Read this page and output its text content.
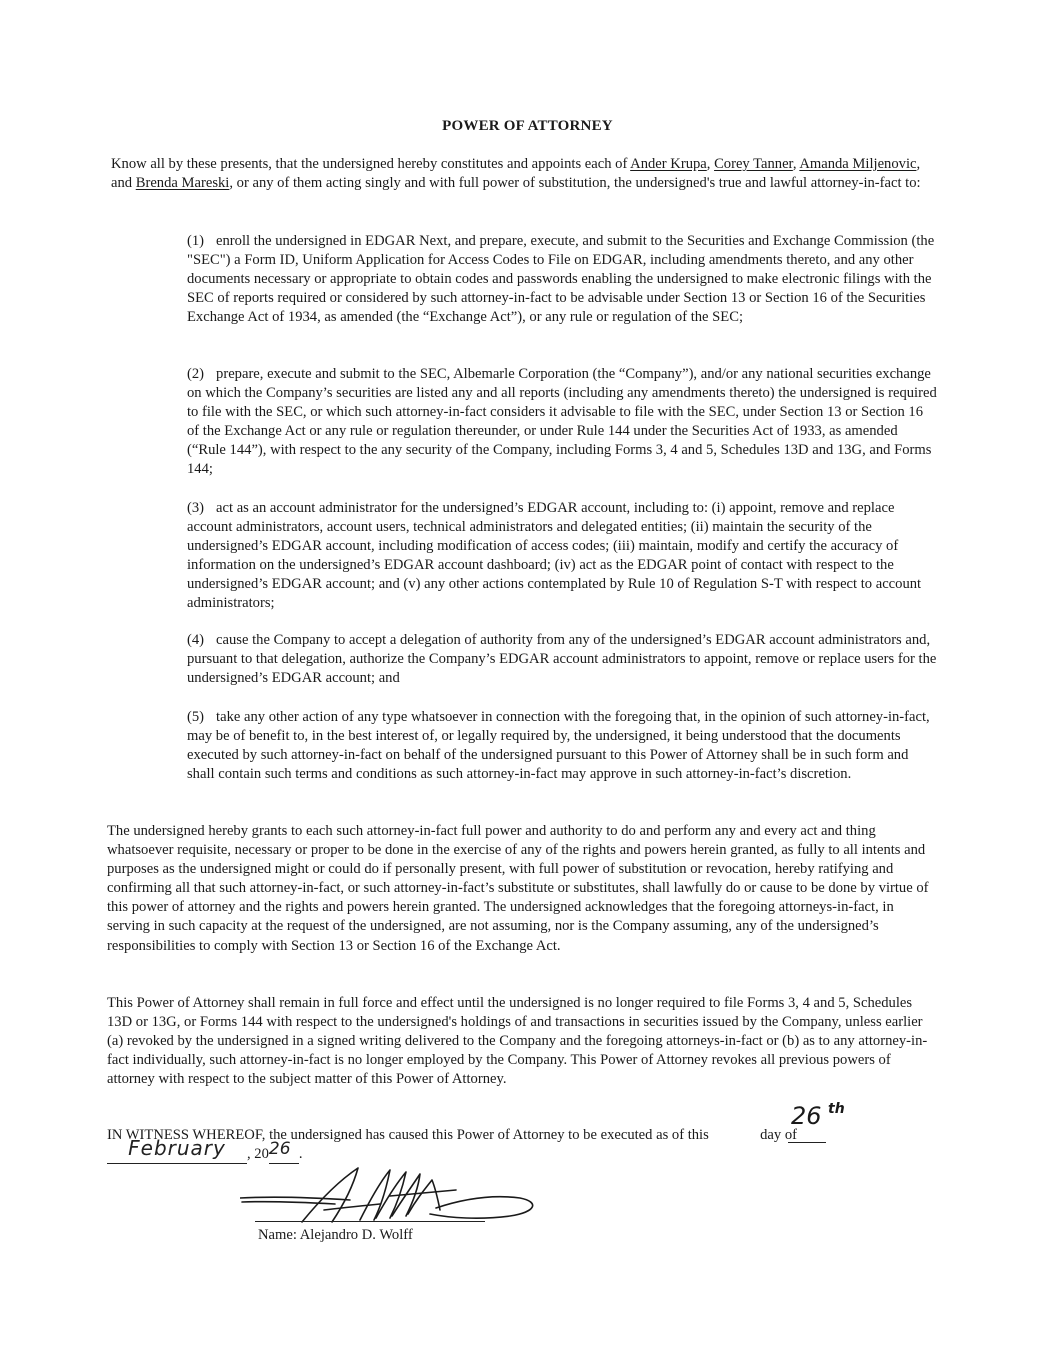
POWER OF ATTORNEY
Know all by these presents, that the undersigned hereby constitutes and appoints each of Ander Krupa, Corey Tanner, Amanda Miljenovic, and Brenda Mareski, or any of them acting singly and with full power of substitution, the undersigned's true and lawful attorney-in-fact to:
(1) enroll the undersigned in EDGAR Next, and prepare, execute, and submit to the Securities and Exchange Commission (the "SEC") a Form ID, Uniform Application for Access Codes to File on EDGAR, including amendments thereto, and any other documents necessary or appropriate to obtain codes and passwords enabling the undersigned to make electronic filings with the SEC of reports required or considered by such attorney-in-fact to be advisable under Section 13 or Section 16 of the Securities Exchange Act of 1934, as amended (the “Exchange Act”), or any rule or regulation of the SEC;
(2) prepare, execute and submit to the SEC, Albemarle Corporation (the “Company”), and/or any national securities exchange on which the Company’s securities are listed any and all reports (including any amendments thereto) the undersigned is required to file with the SEC, or which such attorney-in-fact considers it advisable to file with the SEC, under Section 13 or Section 16 of the Exchange Act or any rule or regulation thereunder, or under Rule 144 under the Securities Act of 1933, as amended (“Rule 144”), with respect to the any security of the Company, including Forms 3, 4 and 5, Schedules 13D and 13G, and Forms 144;
(3) act as an account administrator for the undersigned’s EDGAR account, including to: (i) appoint, remove and replace account administrators, account users, technical administrators and delegated entities; (ii) maintain the security of the undersigned’s EDGAR account, including modification of access codes; (iii) maintain, modify and certify the accuracy of information on the undersigned’s EDGAR account dashboard; (iv) act as the EDGAR point of contact with respect to the undersigned’s EDGAR account; and (v) any other actions contemplated by Rule 10 of Regulation S-T with respect to account administrators;
(4) cause the Company to accept a delegation of authority from any of the undersigned’s EDGAR account administrators and, pursuant to that delegation, authorize the Company’s EDGAR account administrators to appoint, remove or replace users for the undersigned’s EDGAR account; and
(5) take any other action of any type whatsoever in connection with the foregoing that, in the opinion of such attorney-in-fact, may be of benefit to, in the best interest of, or legally required by, the undersigned, it being understood that the documents executed by such attorney-in-fact on behalf of the undersigned pursuant to this Power of Attorney shall be in such form and shall contain such terms and conditions as such attorney-in-fact may approve in such attorney-in-fact’s discretion.
The undersigned hereby grants to each such attorney-in-fact full power and authority to do and perform any and every act and thing whatsoever requisite, necessary or proper to be done in the exercise of any of the rights and powers herein granted, as fully to all intents and purposes as the undersigned might or could do if personally present, with full power of substitution or revocation, hereby ratifying and confirming all that such attorney-in-fact, or such attorney-in-fact’s substitute or substitutes, shall lawfully do or cause to be done by virtue of this power of attorney and the rights and powers herein granted. The undersigned acknowledges that the foregoing attorneys-in-fact, in serving in such capacity at the request of the undersigned, are not assuming, nor is the Company assuming, any of the undersigned’s responsibilities to comply with Section 13 or Section 16 of the Exchange Act.
This Power of Attorney shall remain in full force and effect until the undersigned is no longer required to file Forms 3, 4 and 5, Schedules 13D or 13G, or Forms 144 with respect to the undersigned's holdings of and transactions in securities issued by the Company, unless earlier (a) revoked by the undersigned in a signed writing delivered to the Company and the foregoing attorneys-in-fact or (b) as to any attorney-in-fact individually, such attorney-in-fact is no longer employed by the Company. This Power of Attorney revokes all previous powers of attorney with respect to the subject matter of this Power of Attorney.
IN WITNESS WHEREOF, the undersigned has caused this Power of Attorney to be executed as of this	day of
26 th
February , 2026 .
Name: Alejandro D. Wolff
